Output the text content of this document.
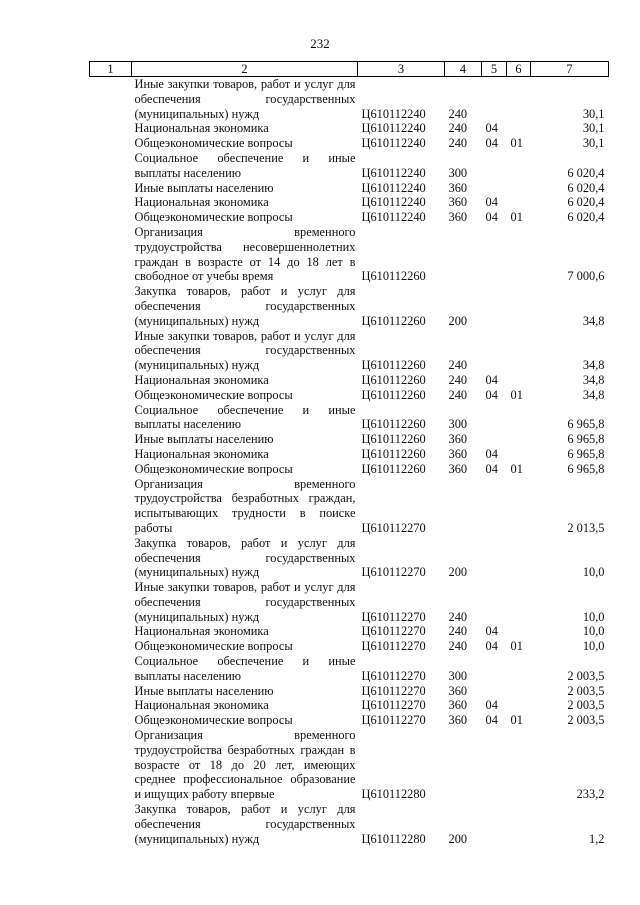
232
1	2	3	4	5	6	7
	Иные закупки товаров, работ и услуг для обеспечения государственных (муниципальных) нужд	Ц610112240	240			30,1
	Национальная экономика	Ц610112240	240	04		30,1
	Общеэкономические вопросы	Ц610112240	240	04	01	30,1
	Социальное обеспечение и иные выплаты населению	Ц610112240	300			6 020,4
	Иные выплаты населению	Ц610112240	360			6 020,4
	Национальная экономика	Ц610112240	360	04		6 020,4
	Общеэкономические вопросы	Ц610112240	360	04	01	6 020,4
	Организация временного трудоустройства несовершеннолетних граждан в возрасте от 14 до 18 лет в свободное от учебы время	Ц610112260				7 000,6
	Закупка товаров, работ и услуг для обеспечения государственных (муниципальных) нужд	Ц610112260	200			34,8
	Иные закупки товаров, работ и услуг для обеспечения государственных (муниципальных) нужд	Ц610112260	240			34,8
	Национальная экономика	Ц610112260	240	04		34,8
	Общеэкономические вопросы	Ц610112260	240	04	01	34,8
	Социальное обеспечение и иные выплаты населению	Ц610112260	300			6 965,8
	Иные выплаты населению	Ц610112260	360			6 965,8
	Национальная экономика	Ц610112260	360	04		6 965,8
	Общеэкономические вопросы	Ц610112260	360	04	01	6 965,8
	Организация временного трудоустройства безработных граждан, испытывающих трудности в поиске работы	Ц610112270				2 013,5
	Закупка товаров, работ и услуг для обеспечения государственных (муниципальных) нужд	Ц610112270	200			10,0
	Иные закупки товаров, работ и услуг для обеспечения государственных (муниципальных) нужд	Ц610112270	240			10,0
	Национальная экономика	Ц610112270	240	04		10,0
	Общеэкономические вопросы	Ц610112270	240	04	01	10,0
	Социальное обеспечение и иные выплаты населению	Ц610112270	300			2 003,5
	Иные выплаты населению	Ц610112270	360			2 003,5
	Национальная экономика	Ц610112270	360	04		2 003,5
	Общеэкономические вопросы	Ц610112270	360	04	01	2 003,5
	Организация временного трудоустройства безработных граждан в возрасте от 18 до 20 лет, имеющих среднее профессиональное образование и ищущих работу впервые	Ц610112280				233,2
	Закупка товаров, работ и услуг для обеспечения государственных (муниципальных) нужд	Ц610112280	200			1,2
